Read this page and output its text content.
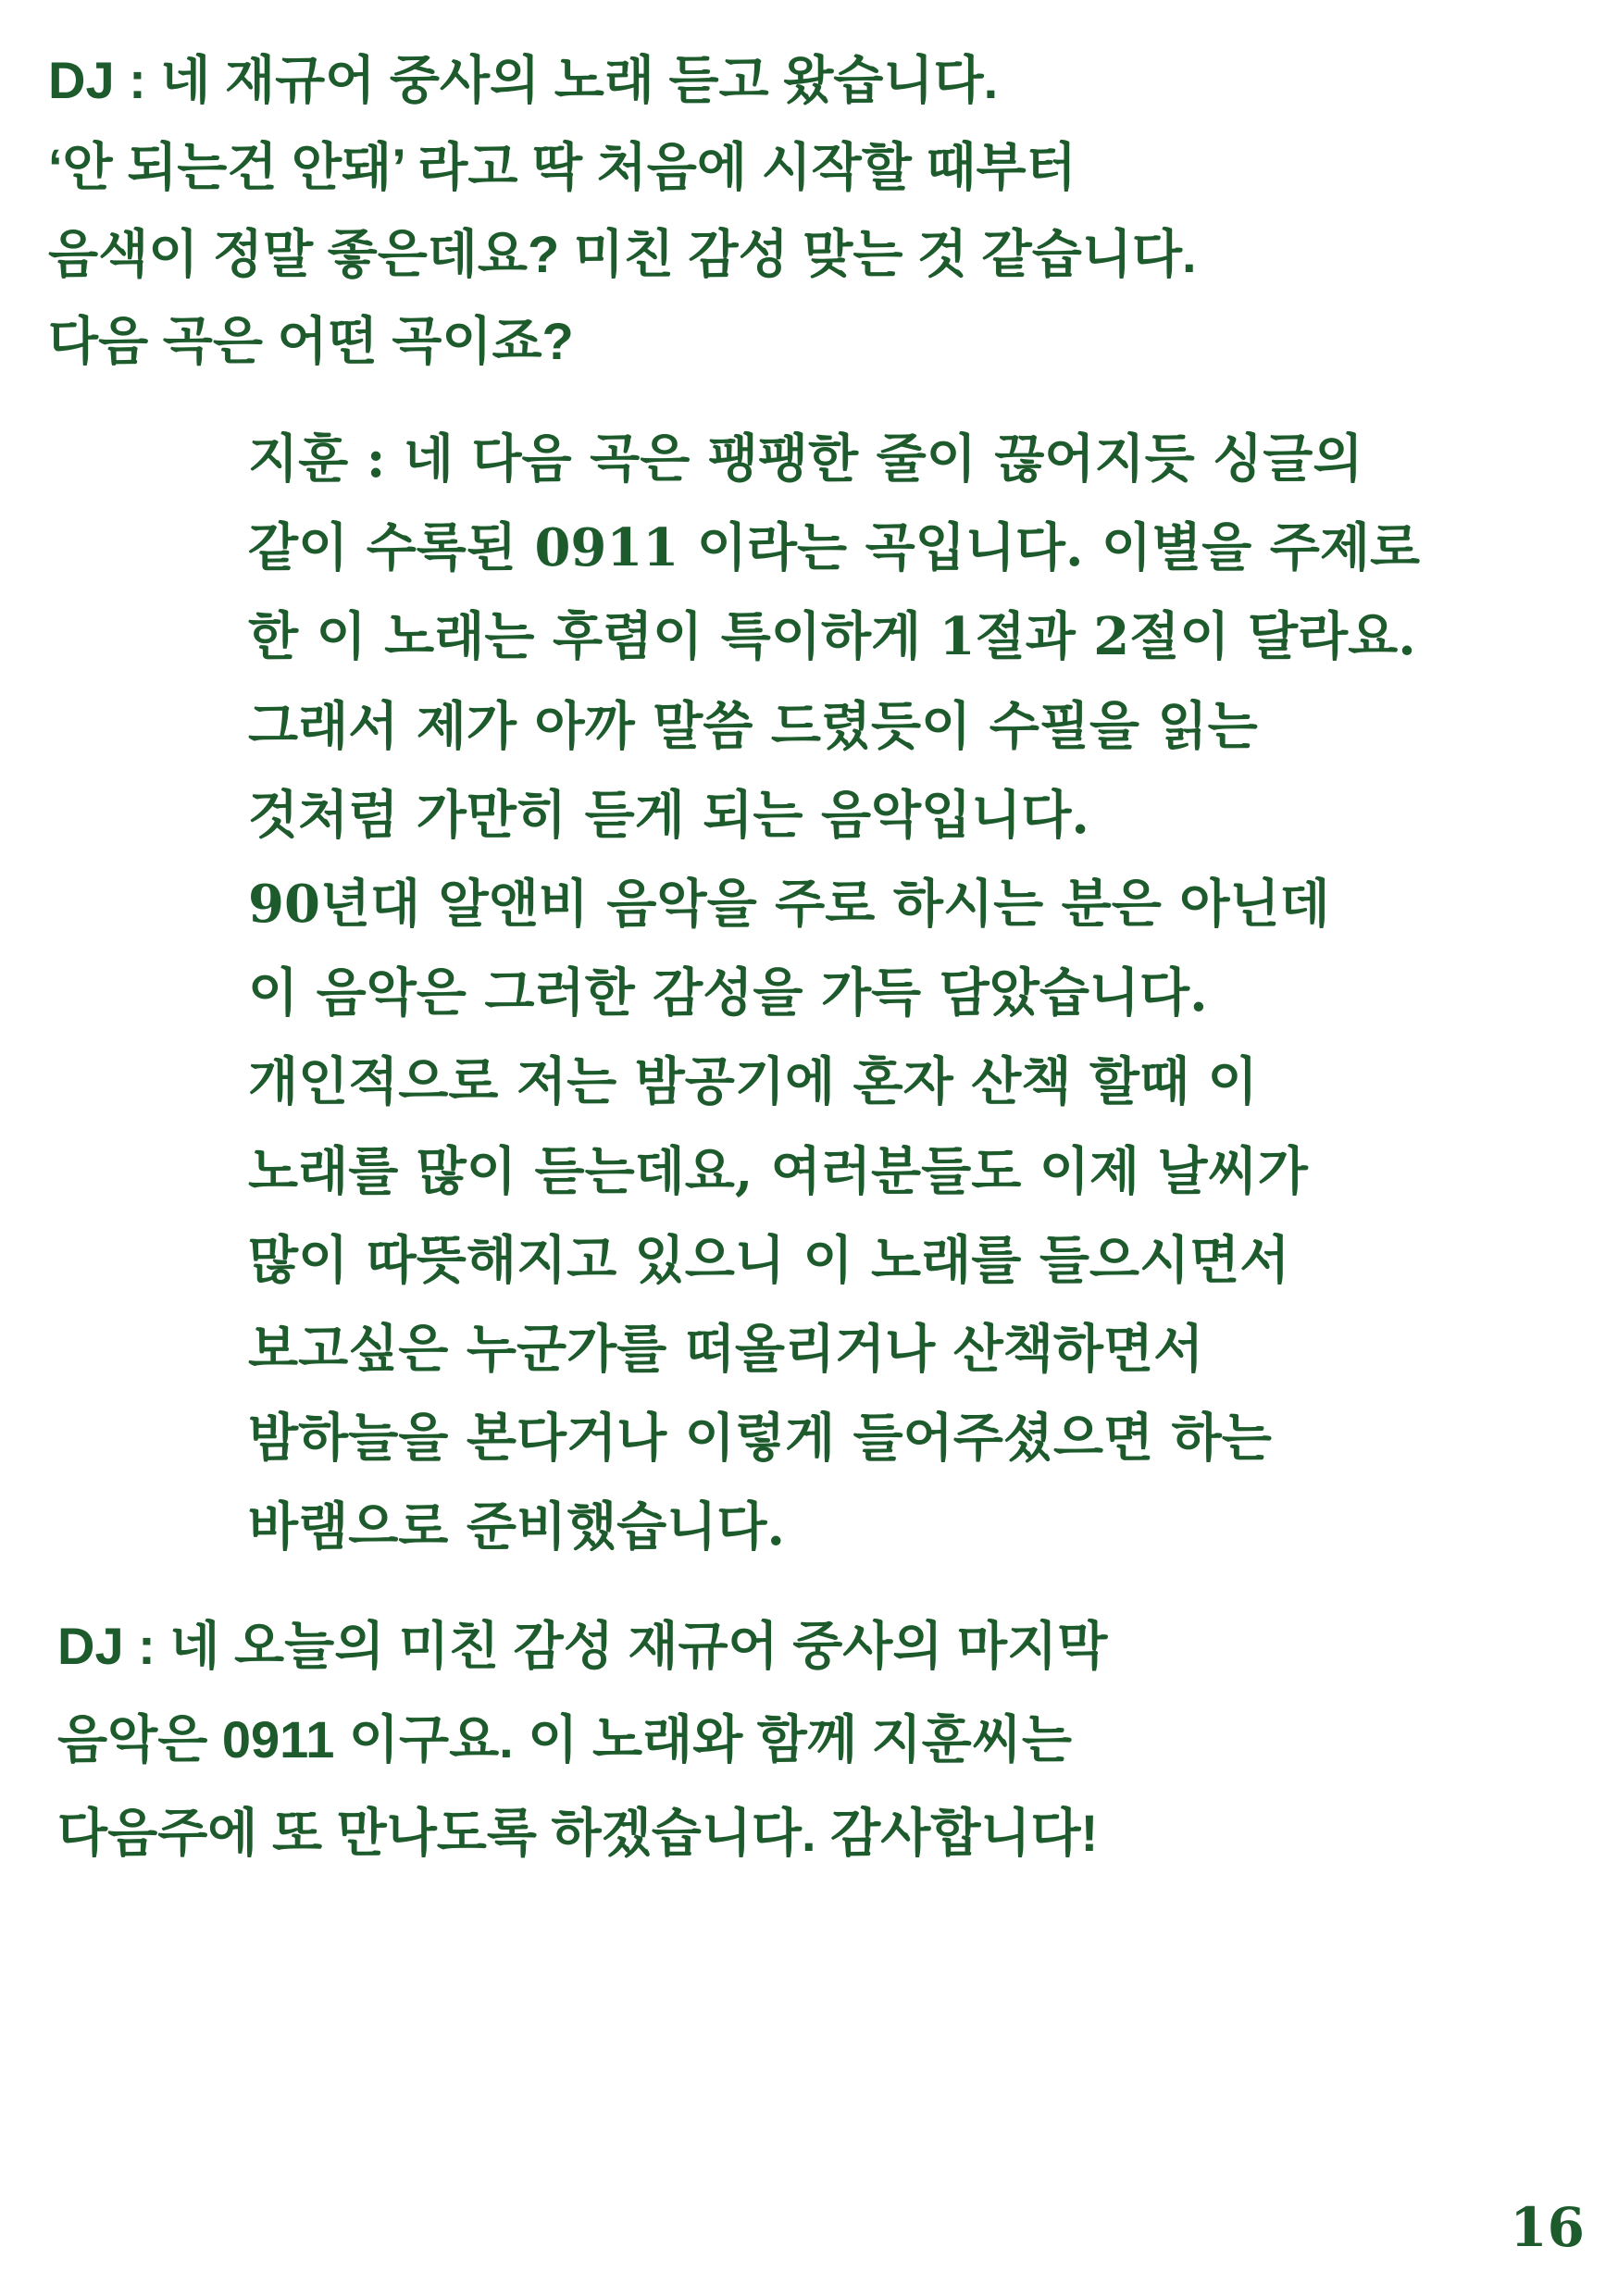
DJ : 네 재규어 중사의 노래 듣고 왔습니다.
‘안 되는건 안돼’ 라고 딱 처음에 시작할 때부터
음색이 정말 좋은데요? 미친 감성 맞는 것 같습니다.
다음 곡은 어떤 곡이죠?
지훈 : 네 다음 곡은 팽팽한 줄이 끊어지듯 싱글의
같이 수록된 0911 이라는 곡입니다. 이별을 주제로
한 이 노래는 후렴이 특이하게 1절과 2절이 달라요.
그래서 제가 아까 말씀 드렸듯이 수필을 읽는
것처럼 가만히 듣게 되는 음악입니다.
90년대 알앤비 음악을 주로 하시는 분은 아닌데
이 음악은 그러한 감성을 가득 담았습니다.
개인적으로 저는 밤공기에 혼자 산책 할때 이
노래를 많이 듣는데요, 여러분들도 이제 날씨가
많이 따뜻해지고 있으니 이 노래를 들으시면서
보고싶은 누군가를 떠올리거나 산책하면서
밤하늘을 본다거나 이렇게 들어주셨으면 하는
바램으로 준비했습니다.
DJ : 네 오늘의 미친 감성 재규어 중사의 마지막
음악은 0911 이구요. 이 노래와 함께 지훈씨는
다음주에 또 만나도록 하겠습니다. 감사합니다!
16
